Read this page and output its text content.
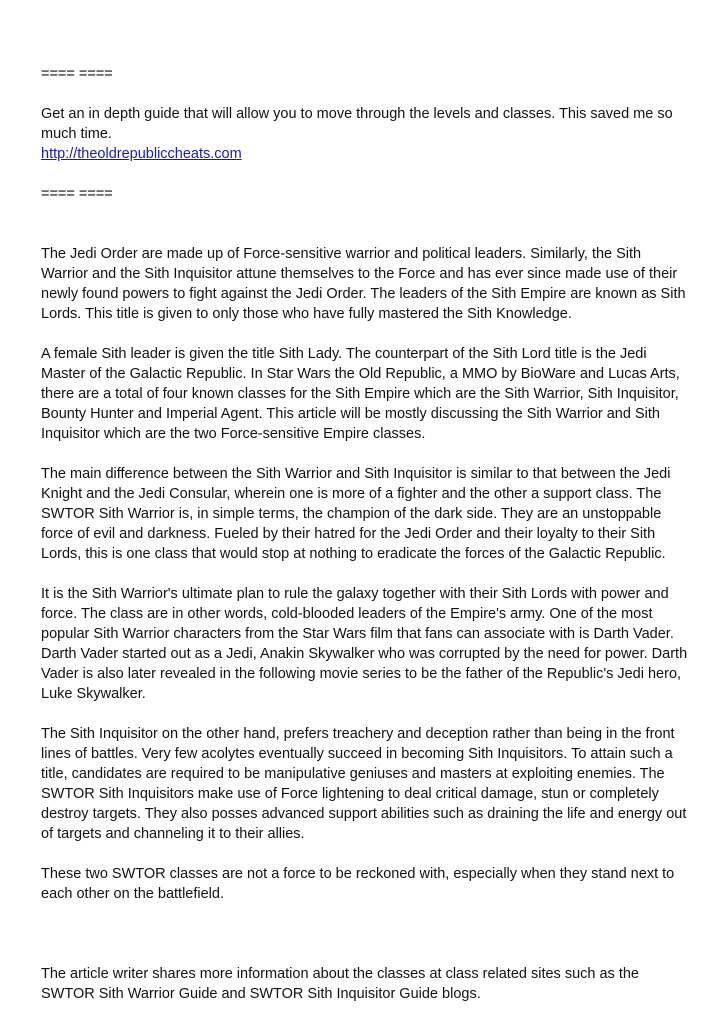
==== ====

Get an in depth guide that will allow you to move through the levels and classes. This saved me so much time.

http://theoldrepubliccheats.com

==== ====

The Jedi Order are made up of Force-sensitive warrior and political leaders. Similarly, the Sith Warrior and the Sith Inquisitor attune themselves to the Force and has ever since made use of their newly found powers to fight against the Jedi Order. The leaders of the Sith Empire are known as Sith Lords. This title is given to only those who have fully mastered the Sith Knowledge.

A female Sith leader is given the title Sith Lady. The counterpart of the Sith Lord title is the Jedi Master of the Galactic Republic. In Star Wars the Old Republic, a MMO by BioWare and Lucas Arts, there are a total of four known classes for the Sith Empire which are the Sith Warrior, Sith Inquisitor, Bounty Hunter and Imperial Agent. This article will be mostly discussing the Sith Warrior and Sith Inquisitor which are the two Force-sensitive Empire classes.

The main difference between the Sith Warrior and Sith Inquisitor is similar to that between the Jedi Knight and the Jedi Consular, wherein one is more of a fighter and the other a support class. The SWTOR Sith Warrior is, in simple terms, the champion of the dark side. They are an unstoppable force of evil and darkness. Fueled by their hatred for the Jedi Order and their loyalty to their Sith Lords, this is one class that would stop at nothing to eradicate the forces of the Galactic Republic.

It is the Sith Warrior's ultimate plan to rule the galaxy together with their Sith Lords with power and force. The class are in other words, cold-blooded leaders of the Empire's army. One of the most popular Sith Warrior characters from the Star Wars film that fans can associate with is Darth Vader. Darth Vader started out as a Jedi, Anakin Skywalker who was corrupted by the need for power. Darth Vader is also later revealed in the following movie series to be the father of the Republic's Jedi hero, Luke Skywalker.

The Sith Inquisitor on the other hand, prefers treachery and deception rather than being in the front lines of battles. Very few acolytes eventually succeed in becoming Sith Inquisitors. To attain such a title, candidates are required to be manipulative geniuses and masters at exploiting enemies. The SWTOR Sith Inquisitors make use of Force lightening to deal critical damage, stun or completely destroy targets. They also posses advanced support abilities such as draining the life and energy out of targets and channeling it to their allies.

These two SWTOR classes are not a force to be reckoned with, especially when they stand next to each other on the battlefield.

The article writer shares more information about the classes at class related sites such as the SWTOR Sith Warrior Guide and SWTOR Sith Inquisitor Guide blogs.
